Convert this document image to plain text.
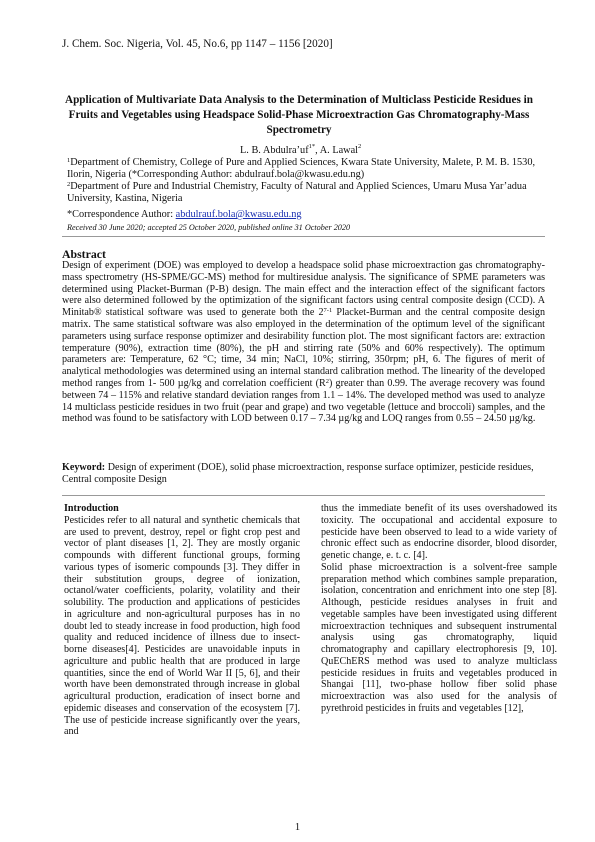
J. Chem. Soc. Nigeria, Vol. 45, No.6, pp 1147 – 1156 [2020]
Application of Multivariate Data Analysis to the Determination of Multiclass Pesticide Residues in Fruits and Vegetables using Headspace Solid-Phase Microextraction Gas Chromatography-Mass Spectrometry
L. B. $Abdulra’uf^{1*}$, A. Lawal$^2$

$^1$Department of Chemistry, College of Pure and Applied Sciences, Kwara State University, Malete, P. M. B. 1530, Ilorin, Nigeria (*Corresponding Author: abdulrauf.bola@kwasu.edu.ng)

$^2$Department of Pure and Industrial Chemistry, Faculty of Natural and Applied Sciences, Umaru Musa Yar’adua University, Kastina, Nigeria

*Correspondence Author: abdulrauf.bola@kwasu.edu.ng
Received 30 June 2020; accepted 25 October 2020, published online 31 October 2020
Abstract
Design of experiment (DOE) was employed to develop a headspace solid phase microextraction gas chromatography-mass spectrometry (HS-SPME/GC-MS) method for multiresidue analysis. The significance of SPME parameters was determined using Placket-Burman (P-B) design. The main effect and the interaction effect of the significant factors were also determined followed by the optimization of the significant factors using central composite design (CCD). A Minitab® statistical software was used to generate both the 2$^{7-1}$ Placket-Burman and the central composite design matrix. The same statistical software was also employed in the determination of the optimum level of the significant parameters using surface response optimizer and desirability function plot. The most significant factors are: extraction temperature (90%), extraction time (80%), the pH and stirring rate (50% and 60% respectively). The optimum parameters are: Temperature, 62 °C; time, 34 min; NaCl, 10%; stirring, 350rpm; pH, 6. The figures of merit of analytical methodologies was determined using an internal standard calibration method. The linearity of the developed method ranges from 1- 500 µg/kg and correlation coefficient $(R^2)$ greater than 0.99. The average recovery was found between 74 – 115% and relative standard deviation ranges from 1.1 – 14%. The developed method was used to analyze 14 multiclass pesticide residues in two fruit (pear and grape) and two vegetable (lettuce and broccoli) samples, and the method was found to be satisfactory with LOD between 0.17 – 7.34 µg/kg and LOQ ranges from 0.55 – 24.50 µg/kg.
Keyword: Design of experiment (DOE), solid phase microextraction, response surface optimizer, pesticide residues, Central composite Design
Introduction
Pesticides refer to all natural and synthetic chemicals that are used to prevent, destroy, repel or fight crop pest and vector of plant diseases [1, 2]. They are mostly organic compounds with different functional groups, forming various types of isomeric compounds [3]. They differ in their substitution groups, degree of ionization, octanol/water coefficients, polarity, volatility and their solubility. The production and applications of pesticides in agriculture and non-agricultural purposes has in no doubt led to steady increase in food production, high food quality and reduced incidence of illness due to insect-borne diseases[4]. Pesticides are unavoidable inputs in agriculture and public health that are produced in large quantities, since the end of World War II [5, 6], and their worth have been demonstrated through increase in global agricultural production, eradication of insect borne and epidemic diseases and conservation of the ecosystem [7]. The use of pesticide increase significantly over the years, and
thus the immediate benefit of its uses overshadowed its toxicity. The occupational and accidental exposure to pesticide have been observed to lead to a wide variety of chronic effect such as endocrine disorder, blood disorder, genetic change, e. t. c. [4].
Solid phase microextraction is a solvent-free sample preparation method which combines sample preparation, isolation, concentration and enrichment into one step [8]. Although, pesticide residues analyses in fruit and vegetable samples have been investigated using different microextraction techniques and subsequent instrumental analysis using gas chromatography, liquid chromatography and capillary electrophoresis [9, 10]. QuEChERS method was used to analyze multiclass pesticide residues in fruits and vegetables produced in Shangai [11], two-phase hollow fiber solid phase microextraction was also used for the analysis of pyrethroid pesticides in fruits and vegetables [12],
1
